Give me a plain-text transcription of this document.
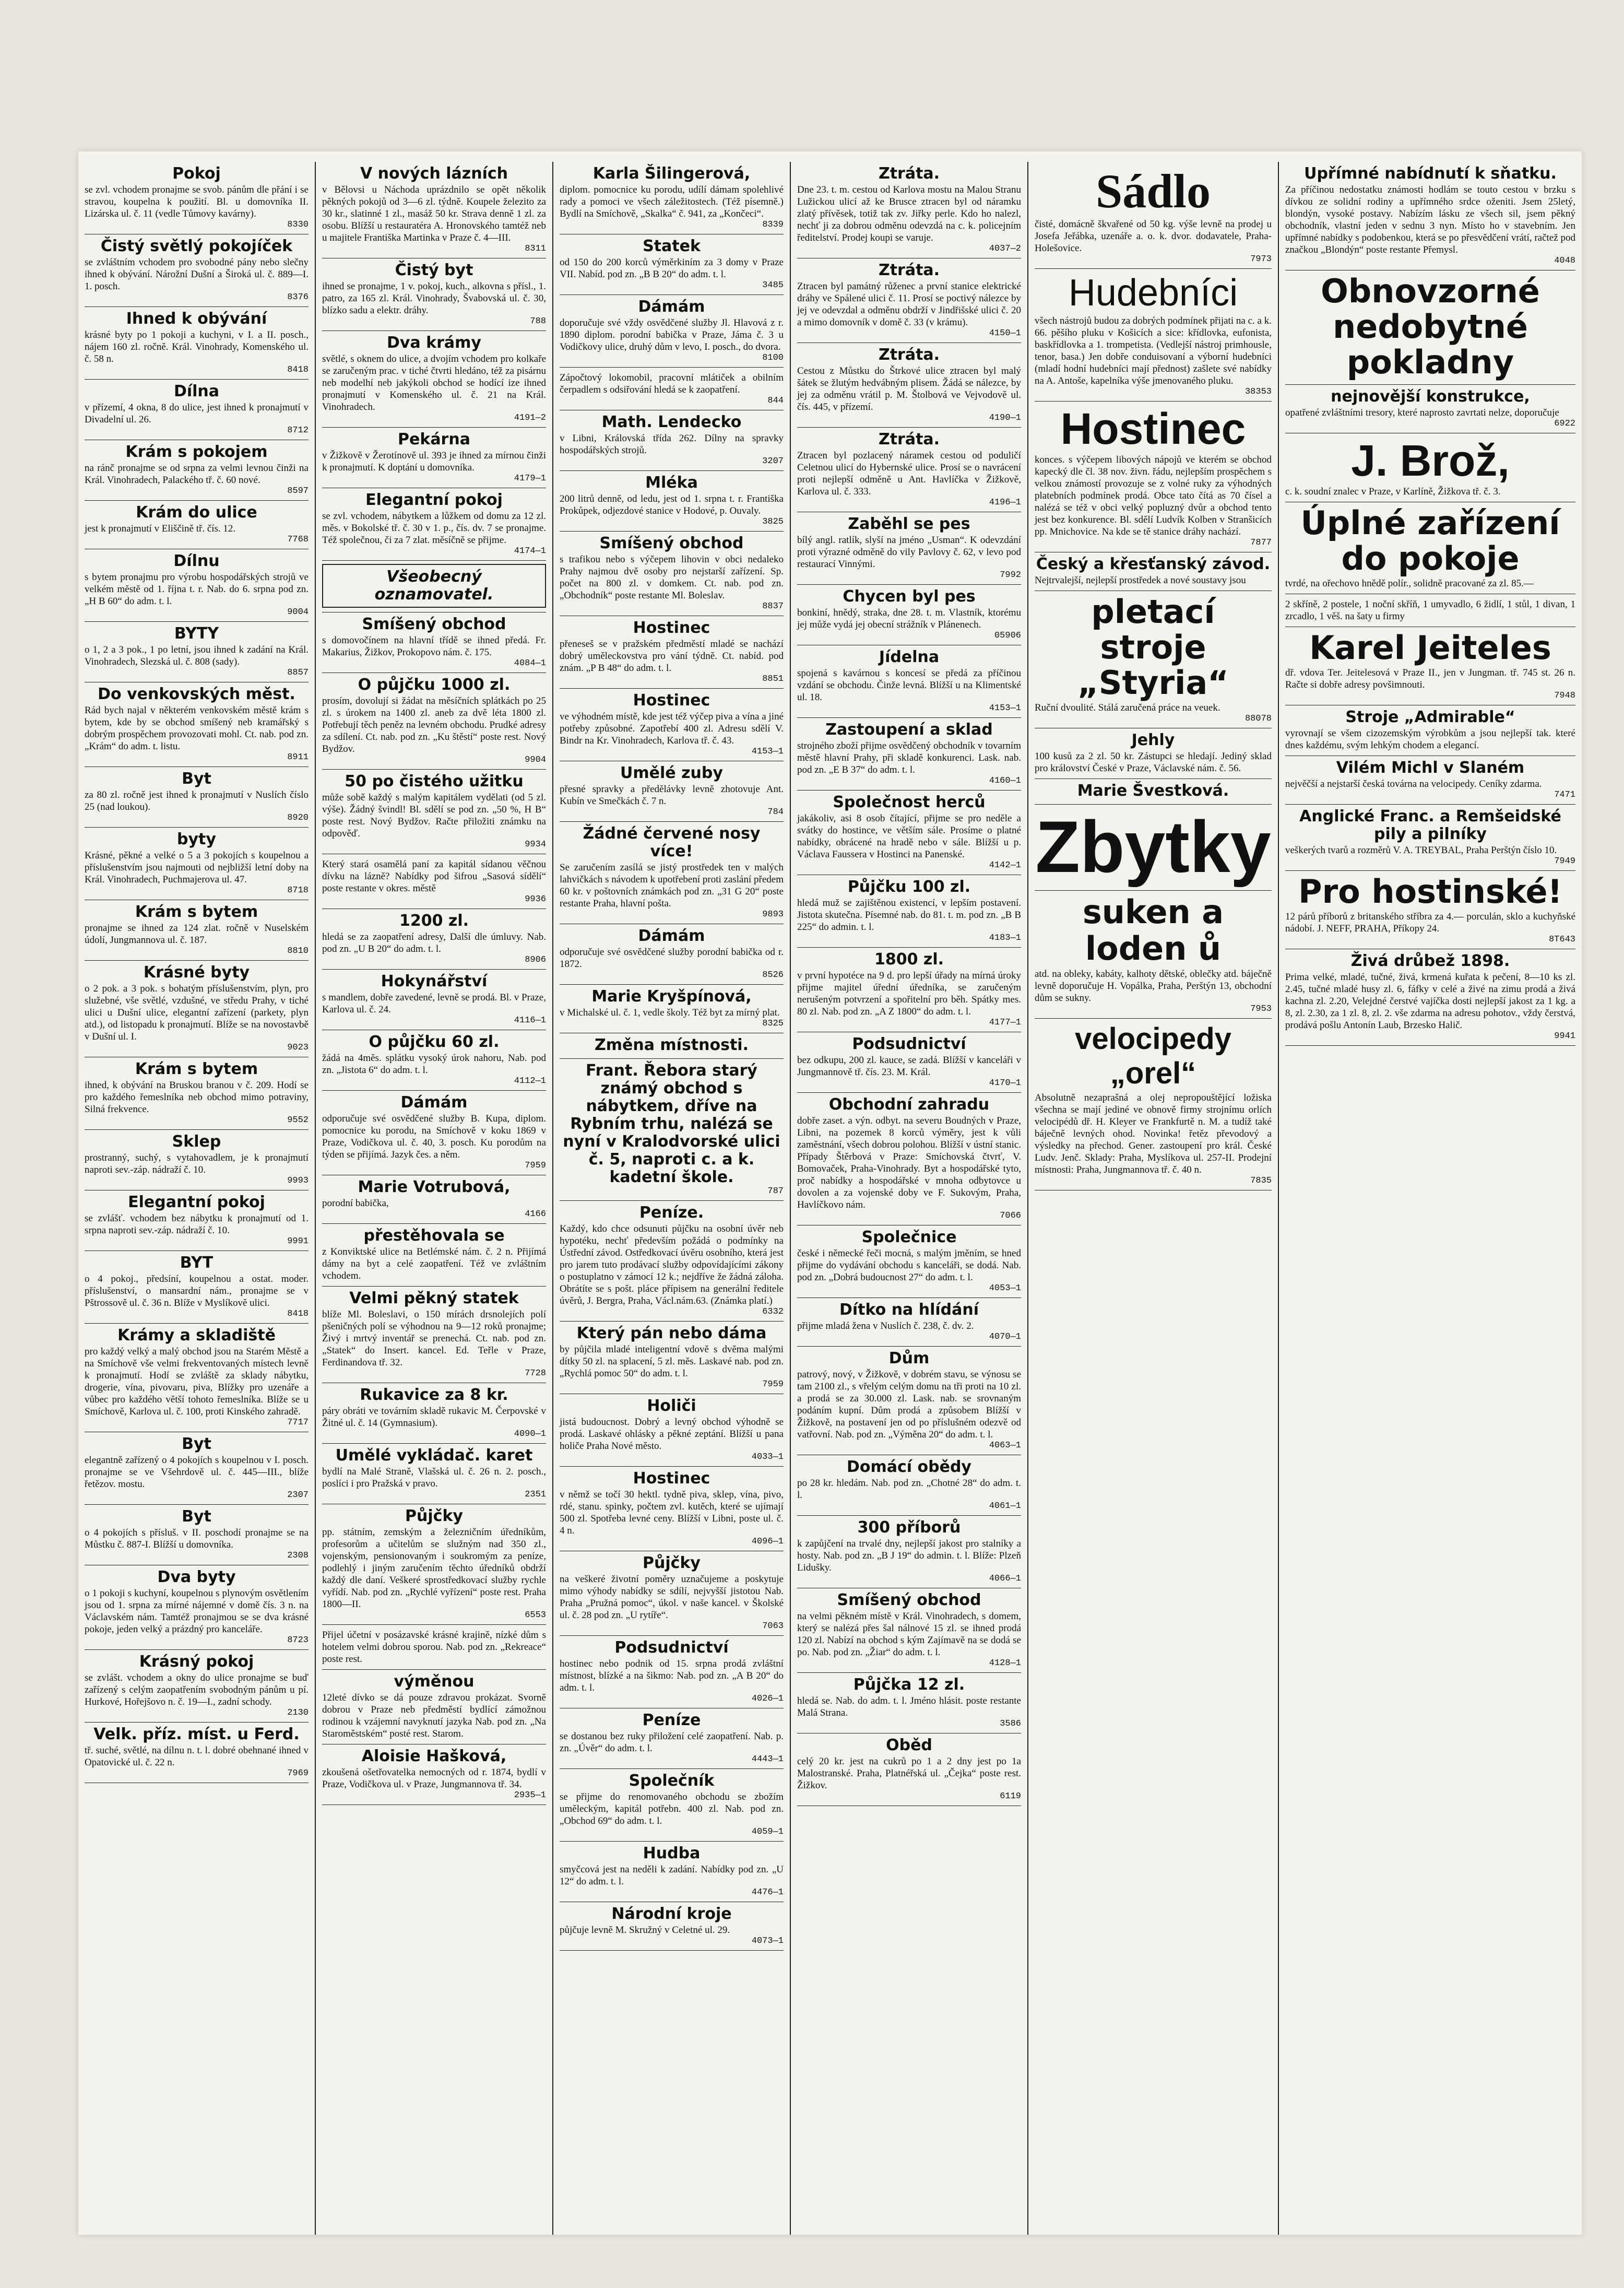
Pokoj

se zvl. vchodem pronajme se svob. pánům dle přání i se stravou, koupelna k použití. Bl. u domovníka II. Lizárska ul. č. 11 (vedle Tůmovy kavárny).

8330
Čistý světlý pokojíček

se zvláštním vchodem pro svobodné pány nebo slečny ihned k obývání. Nárožní Dušní a Široká ul. č. 889—I. 1. posch.

8376
Ihned k obývání

krásné byty po 1 pokoji a kuchyni, v I. a II. posch., nájem 160 zl. ročně. Král. Vinohrady, Komenského ul. č. 58 n.

8418
Dílna

v přízemí, 4 okna, 8 do ulice, jest ihned k pronajmutí v Divadelní ul. 26.

8712
Krám s pokojem

na ránč pronajme se od srpna za velmi levnou činži na Král. Vinohradech, Palackého tř. č. 60 nové.

8597
Krám do ulice

jest k pronajmutí v Eliščině tř. čís. 12.

7768
Dílnu

s bytem pronajmu pro výrobu hospodářských strojů ve velkém městě od 1. října t. r. Nab. do 6. srpna pod zn. „H B 60“ do adm. t. l.

9004
BYTY

o 1, 2 a 3 pok., 1 po letní, jsou ihned k zadání na Král. Vinohradech, Slezská ul. č. 808 (sady).

8857
Do venkovských měst.

Rád bych najal v některém venkovském městě krám s bytem, kde by se obchod smíšený neb kramářský s dobrým prospěchem provozovati mohl. Ct. nab. pod zn. „Krám“ do adm. t. listu.

8911
Byt

za 80 zl. ročně jest ihned k pronajmutí v Nuslích číslo 25 (nad loukou).

8920
byty

Krásné, pěkné a velké o 5 a 3 pokojích s koupelnou a příslušenstvím jsou najmouti od nejbližší letní doby na Král. Vinohradech, Puchmajerova ul. 47.

8718
Krám s bytem

pronajme se ihned za 124 zlat. ročně v Nuselském údolí, Jungmannova ul. č. 187.

8810
Krásné byty

o 2 pok. a 3 pok. s bohatým příslušenstvím, plyn, pro služebné, vše světlé, vzdušné, ve středu Prahy, v tiché ulici u Dušní ulice, elegantní zařízení (parkety, plyn atd.), od listopadu k pronajmutí. Blíže se na novostavbě v Dušní ul. I.

9023
Krám s bytem

ihned, k obývání na Bruskou branou v č. 209. Hodí se pro každého řemeslníka neb obchod mimo potraviny, Silná frekvence.

9552
Sklep

prostranný, suchý, s vytahovadlem, je k pronajmutí naproti sev.-záp. nádraží č. 10.

9993
Elegantní pokoj

se zvlášť. vchodem bez nábytku k pronajmutí od 1. srpna naproti sev.-záp. nádraží č. 10.

9991
BYT

o 4 pokoj., předsíní, koupelnou a ostat. moder. příslušenství, o mansardní nám., pronajme se v Pštrossově ul. č. 36 n. Blíže v Myslíkově ulici.

8418
Krámy a skladiště

pro každý velký a malý obchod jsou na Starém Městě a na Smíchově vše velmi frekventovaných místech levně k pronajmutí. Hodí se zvláště za sklady nábytku, drogerie, vína, pivovaru, piva, Blížky pro uzenáře a vůbec pro každého větší tohoto řemeslníka. Blíže se u Smíchově, Karlova ul. č. 100, proti Kinského zahradě.

7717
Byt

elegantně zařízený o 4 pokojích s koupelnou v I. posch. pronajme se ve Všehrdově ul. č. 445—III., blíže řetězov. mostu.

2307
Byt

o 4 pokojích s přísluš. v II. poschodí pronajme se na Můstku č. 887-I. Blížší u domovníka.

2308
Dva byty

o 1 pokoji s kuchyní, koupelnou s plynovým osvětlením jsou od 1. srpna za mírné nájemné v domě čís. 3 n. na Václavském nám. Tamtéž pronajmou se se dva krásné pokoje, jeden velký a prázdný pro kanceláře.

8723
Krásný pokoj

se zvlášt. vchodem a okny do ulice pronajme se buď zařízený s celým zaopatřením svobodným pánům u pí. Hurkové, Hořejšovo n. č. 19—I., zadní schody.

2130
Velk. příz. míst. u Ferd.

tř. suché, světlé, na dílnu n. t. l. dobré obehnané ihned v Opatovické ul. č. 22 n.

7969
V nových lázních

v Bělovsi u Náchoda uprázdnilo se opět několik pěkných pokojů od 3—6 zl. týdně. Koupele železito za 30 kr., slatinné 1 zl., masáž 50 kr. Strava denně 1 zl. za osobu. Blížší u restauratéra A. Hronovského tamtéž neb u majitele Františka Martinka v Praze č. 4—III.

8311
Čistý byt

ihned se pronajme, 1 v. pokoj, kuch., alkovna s přísl., 1. patro, za 165 zl. Král. Vinohrady, Švabovská ul. č. 30, blízko sadu a elektr. dráhy.

788
Dva krámy

světlé, s oknem do ulice, a dvojím vchodem pro kolkaře se zaručeným prac. v tiché čtvrti hledáno, též za pisárnu neb modelhí neb jakýkoli obchod se hodící ize ihned pronajmutí v Komenského ul. č. 21 na Král. Vinohradech.

4191—2
Pekárna

v Žižkově v Žerotínově ul. 393 je ihned za mírnou činži k pronajmutí. K doptání u domovníka.

4179—1
Elegantní pokoj

se zvl. vchodem, nábytkem a lůžkem od domu za 12 zl. měs. v Bokolské tř. č. 30 v 1. p., čís. dv. 7 se pronajme. Též společnou, či za 7 zlat. měsíčně se přijme.

4174—1
Všeobecný oznamovatel.
Smíšený obchod

s domovočínem na hlavní třídě se ihned předá. Fr. Makarius, Žižkov, Prokopovo nám. č. 175.

4084—1
O půjčku 1000 zl.

prosím, dovolují si žádat na měsíčních splátkách po 25 zl. s úrokem na 1400 zl. aneb za dvě léta 1800 zl. Potřebují těch peněz na levném obchodu. Prudké adresy za sdílení. Ct. nab. pod zn. „Ku štěstí“ poste rest. Nový Bydžov.

9904
50 po čistého užitku

může sobě každý s malým kapitálem vydělati (od 5 zl. výše). Žádný švindl! Bl. sdělí se pod zn. „50 %, H B“ poste rest. Nový Bydžov. Račte přiložiti známku na odpověď.

9934

Který stará osamělá paní za kapitál sídanou věčnou dívku na lázně? Nabídky pod šifrou „Sasová sídělí“ poste restante v okres. městě

9936
1200 zl.

hledá se za zaopatření adresy, Další dle úmluvy. Nab. pod zn. „U B 20“ do adm. t. l.

8906
Hokynářství

s mandlem, dobře zavedené, levně se prodá. Bl. v Praze, Karlova ul. č. 24.

4116—1
O půjčku 60 zl.

žádá na 4měs. splátku vysoký úrok nahoru, Nab. pod zn. „Jistota 6“ do adm. t. l.

4112—1
Dámám

odporučuje své osvědčené služby B. Kupa, diplom. pomocnice ku porodu, na Smíchově v koku 1869 v Praze, Vodičkova ul. č. 40, 3. posch. Ku porodům na týden se přijímá. Jazyk čes. a něm.

7959
Marie Votrubová,

porodní babička,

4166
přestěhovala se

z Konviktské ulice na Betlémské nám. č. 2 n. Přijímá dámy na byt a celé zaopatření. Též ve zvláštním vchodem.

Velmi pěkný statek

blíže Ml. Boleslavi, o 150 mírách drsnolejích polí pšeničných polí se výhodnou na 9—12 roků pronajme; Živý i mrtvý inventář se prenechá. Ct. nab. pod zn. „Statek“ do Insert. kancel. Ed. Teřle v Praze, Ferdinandova tř. 32.

7728
Rukavice za 8 kr.

páry obráti ve továrním skladě rukavic M. Čerpovské v Žitné ul. č. 14 (Gymnasium).

4090—1
Umělé vykládač. karet

bydlí na Malé Straně, Vlašská ul. č. 26 n. 2. posch., poslíci i pro Pražská v pravo.

2351
Půjčky

pp. státním, zemským a železničním úředníkům, profesorům a učitelům se služným nad 350 zl., vojenským, pensionovaným i soukromým za peníze, podlehlý i jiným zaručením těchto úředníků obdrží každý dle daní. Veškeré sprostředkovací služby rychle vyřídí. Nab. pod zn. „Rychlé vyřízení“ poste rest. Praha 1800—II.

6553

Přijel účetní v posázavské krásné krajině, nízké dům s hotelem velmi dobrou sporou. Nab. pod zn. „Rekreace“ poste rest.

výměnou

12leté dívko se dá pouze zdravou prokázat. Svorně dobrou v Praze neb předměstí bydlící zámožnou rodinou k vzájemní navyknutí jazyka Nab. pod zn. „Na Staroměstském“ posté rest. Starom.

Aloisie Hašková,

zkoušená ošetřovatelka nemocných od r. 1874, bydlí v Praze, Vodičkova ul. v Praze, Jungmannova tř. 34.

2935—1
Karla Šilingerová,

diplom. pomocnice ku porodu, udílí dámam spolehlivé rady a pomoci ve všech záležitostech. (Též písemně.) Bydlí na Smíchově, „Skalka“ č. 941, za „Končeci“.

8339
Statek

od 150 do 200 korců výměrkiním za 3 domy v Praze VII. Nabíd. pod zn. „B B 20“ do adm. t. l.

3485
Dámám

doporučuje své vždy osvědčené služby Jl. Hlavová z r. 1890 diplom. porodní babička v Praze, Jáma č. 3 u Vodičkovy ulice, druhý dům v levo, I. posch., do dvora.

8100

Zápočtový lokomobil, pracovní mlátiček a obilním čerpadlem s odsiřování hledá se k zaopatření.

844
Math. Lendecko

v Libni, Královská třída 262. Dílny na spravky hospodářských strojů.

3207
Mléka

200 litrů denně, od ledu, jest od 1. srpna t. r. Františka Prokůpek, odjezdové stanice v Hodové, p. Ouvaly.

3825
Smíšený obchod

s trafikou nebo s výčepem lihovin v obci nedaleko Prahy najmou dvě osoby pro nejstarší zařízení. Sp. počet na 800 zl. v domkem. Ct. nab. pod zn. „Obchodník“ poste restante Ml. Boleslav.

8837
Hostinec

přeneseš se v pražském předměstí mladé se nachází dobrý uměleckovstva pro vání týdně. Ct. nabíd. pod znám. „P B 48“ do adm. t. l.

8851
Hostinec

ve výhodném místě, kde jest též výčep piva a vína a jiné potřeby způsobné. Zapotřebí 400 zl. Adresu sdělí V. Bindr na Kr. Vinohradech, Karlova tř. č. 43.

4153—1
Umělé zuby

přesné spravky a předělávky levně zhotovuje Ant. Kubín ve Smečkách č. 7 n.

784
Žádné červené nosy více!

Se zaručením zasílá se jistý prostředek ten v malých lahvičkách s návodem k upotřebení proti zaslání předem 60 kr. v poštovních známkách pod zn. „31 G 20“ poste restante Praha, hlavní pošta.

9893
Dámám

odporučuje své osvědčené služby porodní babička od r. 1872.

8526
Marie Kryšpínová,

v Michalské ul. č. 1, vedle školy. Též byt za mírný plat.

8325
Změna místnosti.
Frant. Řebora starý známý obchod s nábytkem, dříve na Rybním trhu, nalézá se nyní v Kralodvorské ulici č. 5, naproti c. a k. kadetní škole.
787
Peníze.

Každý, kdo chce odsunuti půjčku na osobní úvěr neb hypotéku, nechť především požádá o podmínky na Ústřední závod. Ostředkovací úvěru osobního, která jest pro jarem tuto prodávací služby odpovídajícími zákony o postuplatno v zámocí 12 k.; nejdříve že žádná záloha. Obrátíte se s pošt. pláce přípisem na generální ředitele úvěrů, J. Bergra, Praha, Václ.nám.63. (Známka platí.)

6332
Který pán nebo dáma

by půjčila mladé inteligentní vdově s dvěma malými dítky 50 zl. na splacení, 5 zl. měs. Laskavé nab. pod zn. „Rychlá pomoc 50“ do adm. t. l.

7959
Holiči

jistá budoucnost. Dobrý a levný obchod výhodně se prodá. Laskavé ohlásky a pěkné zeptání. Blížší u pana holiče Praha Nové město.

4033—1
Hostinec

v němž se točí 30 hektl. tydně piva, sklep, vína, pivo, rdé, stanu. spinky, počtem zvl. kutěch, které se ujímají 500 zl. Spotřeba levné ceny. Blížší v Libni, poste ul. č. 4 n.

4096—1
Půjčky

na veškeré životní poměry uznačujeme a poskytuje mimo výhody nabídky se sdílí, nejvyšší jistotou Nab. Praha „Pružná pomoc“, úkol. v naše kancel. v Školské ul. č. 28 pod zn. „U rytíře“.

7063
Podsudnictví

hostinec nebo podnik od 15. srpna prodá zvláštní místnost, blízké a na šikmo: Nab. pod zn. „A B 20“ do adm. t. l.

4026—1
Peníze

se dostanou bez ruky přiložení celé zaopatření. Nab. p. zn. „Úvěr“ do adm. t. l.

4443—1
Společník

se přijme do renomovaného obchodu se zbožím uměleckým, kapitál potřebn. 400 zl. Nab. pod zn. „Obchod 69“ do adm. t. l.

4059—1
Hudba

smyčcová jest na neděli k zadání. Nabídky pod zn. „U 12“ do adm. t. l.

4476—1
Národní kroje

půjčuje levně M. Skružný v Celetné ul. 29.

4073—1
Ztráta.

Dne 23. t. m. cestou od Karlova mostu na Malou Stranu Lužickou ulicí až ke Brusce ztracen byl od náramku zlatý přívěsek, totiž tak zv. Jiřky perle. Kdo ho nalezl, nechť ji za dobrou odměnu odevzdá na c. k. policejním ředitelství. Prodej koupi se varuje.

4037—2
Ztráta.

Ztracen byl památný růženec a první stanice elektrické dráhy ve Spálené ulici č. 11. Prosí se poctivý nálezce by jej ve odevzdal a odměnu obdrží v Jindřišské ulici č. 20 a mimo domovník v domě č. 33 (v krámu).

4150—1
Ztráta.

Cestou z Můstku do Štrkové ulice ztracen byl malý šátek se žlutým hedvábným plisem. Žádá se nálezce, by jej za odměnu vrátil p. M. Štolbová ve Vejvodově ul. čís. 445, v přízemí.

4190—1
Ztráta.

Ztracen byl pozlacený náramek cestou od poduličí Celetnou ulicí do Hybernské ulice. Prosí se o navrácení proti nejlepší odměně u Ant. Havlíčka v Žižkově, Karlova ul. č. 333.

4196—1
Zaběhl se pes

bílý angl. ratlík, slyší na jméno „Usman“. K odevzdání proti výrazné odměně do vily Pavlovy č. 62, v levo pod restaurací Vinnými.

7992
Chycen byl pes

bonkiní, hnědý, straka, dne 28. t. m. Vlastník, ktorému jej může vydá jej obecní strážník v Plánenech.

05906
Jídelna

spojená s kavárnou s koncesí se předá za příčinou vzdání se obchodu. Činže levná. Blížší u na Klimentské ul. 18.

4153—1
Zastoupení a sklad

strojného zboží přijme osvědčený obchodník v tovarním městě hlavní Prahy, při skladě konkurenci. Lask. nab. pod zn. „E B 37“ do adm. t. l.

4160—1
Společnost herců

jakákoliv, asi 8 osob čítající, přijme se pro neděle a svátky do hostince, ve větším sále. Prosíme o platné nabídky, obrácené na hradě nebo v sále. Blížší u p. Václava Faussera v Hostinci na Panenské.

4142—1
Půjčku 100 zl.

hledá muž se zajištěnou existencí, v lepším postavení. Jistota skutečna. Písemné nab. do 81. t. m. pod zn. „B B 225“ do admin. t. l.

4183—1
1800 zl.

v první hypotéce na 9 d. pro lepší úřady na mírná úroky přijme majitel úřední úředníka, se zaručeným nerušeným potvrzení a spořitelní pro běh. Spátky mes. 80 zl. Nab. pod zn. „A Z 1800“ do adm. t. l.

4177—1
Podsudnictví

bez odkupu, 200 zl. kauce, se zadá. Blížší v kanceláři v Jungmannově tř. čís. 23. M. Král.

4170—1
Obchodní zahradu

dobře zaset. a výn. odbyt. na severu Boudných v Praze, Libni, na pozemek 8 korců výměry, jest k vůli zaměstnání, všech dobrou polohou. Blížší v ústní stanic. Případy Štěrbová v Praze: Smíchovská čtvrť, V. Bomovaček, Praha-Vinohrady. Byt a hospodářské tyto, proč nabídky a hospodářské v mnoha odbytovce u dovolen a za vojenské doby ve F. Sukovým, Praha, Havlíčkovo nám.

7066
Společnice

české i německé řeči mocná, s malým jměním, se hned přijme do vydávání obchodu s kanceláři, se dodá. Nab. pod zn. „Dobrá budoucnost 27“ do adm. t. l.

4053—1
Dítko na hlídání

přijme mladá žena v Nuslích č. 238, č. dv. 2.

4070—1
Dům

patrový, nový, v Žižkově, v dobrém stavu, se výnosu se tam 2100 zl., s vřelým celým domu na tři proti na 10 zl. a prodá se za 30.000 zl. Lask. nab. se srovnaným podáním kupní. Dům prodá a způsobem Blížší v Žižkově, na postavení jen od po příslušném odezvě od vatřovní. Nab. pod zn. „Výměna 20“ do adm. t. l.

4063—1
Domácí obědy

po 28 kr. hledám. Nab. pod zn. „Chotné 28“ do adm. t. l.

4061—1
300 příborů

k zapůjčení na trvalé dny, nejlepší jakost pro stalníky a hosty. Nab. pod zn. „B J 19“ do admin. t. l. Blíže: Plzeň Lidušky.

4066—1
Smíšený obchod

na velmi pěkném místě v Král. Vinohradech, s domem, který se nalézá přes šal nálnové 15 zl. se ihned prodá 120 zl. Nabízí na obchod s kým Zajímavě na se dodá se po. Nab. pod zn. „Žiar“ do adm. t. l.

4128—1
Půjčka 12 zl.

hledá se. Nab. do adm. t. l. Jméno hlásit. poste restante Malá Strana.

3586
Oběd

celý 20 kr. jest na cukrů po 1 a 2 dny jest po 1a Malostranské. Praha, Platnéřská ul. „Čejka“ poste rest. Žižkov.

6119
Sádlo

čisté, domácně škvařené od 50 kg. výše levně na prodej u Josefa Jeřábka, uzenáře a. o. k. dvor. dodavatele, Praha-Holešovice.

7973
Hudebníci

všech nástrojů budou za dobrých podmínek přijati na c. a k. 66. pěšího pluku v Košicích a sice: křídlovka, eufonista, baskřídlovka a 1. trompetista. (Vedlejší nástroj primhousle, tenor, basa.) Jen dobře conduisovaní a výborní hudebníci (mladí hodní hudebníci mají přednost) zašlete své nabídky na A. Antoše, kapelníka výše jmenovaného pluku.

38353
Hostinec

konces. s výčepem libových nápojů ve kterém se obchod kapecký dle čl. 38 nov. živn. řádu, nejlepším prospěchem s velkou známostí provozuje se z volné ruky za výhodných platebních podmínek prodá. Obce tato čítá as 70 čísel a nalézá se též v obci velký popluzný dvůr a obchod tento jest bez konkurence. Bl. sdělí Ludvík Kolben v Stranšicích pp. Mnichovice. Na kde se tě stanice dráhy nachází.

7877
Český a křesťanský závod.

Nejtrvalejší, nejlepší prostředek a nové soustavy jsou

pletací stroje „Styria“

Ruční dvoulité. Stálá zaručená práce na veuek.

88078
Jehly

100 kusů za 2 zl. 50 kr. Zástupci se hledají. Jediný sklad pro království České v Praze, Václavské nám. č. 56.

Marie Švestková.
Zbytky
suken a loden ů

atd. na obleky, kabáty, kalhoty dětské, oblečky atd. báječně levně doporučuje H. Vopálka, Praha, Perštýn 13, obchodní dům se sukny.

7953
velocipedy „orel“

Absolutně nezaprašná a olej nepropouštějící ložiska všechna se mají jediné ve obnově firmy strojnímu orlích velocipédů dř. H. Kleyer ve Frankfurtě n. M. a tudíž také báječně levných ohod. Novinka! řetěz převodový a výsledky na přechod. Gener. zastoupení pro král. České Ludv. Jenč. Sklady: Praha, Myslíkova ul. 257-II. Prodejní místnosti: Praha, Jungmannova tř. č. 40 n.

7835
Upřímné nabídnutí k sňatku.

Za příčinou nedostatku známosti hodlám se touto cestou v brzku s dívkou ze solidní rodiny a upřímného srdce oženiti. Jsem 25letý, blondýn, vysoké postavy. Nabízím lásku ze všech sil, jsem pěkný obchodník, vlastní jeden v sednu 3 nyn. Místo ho v stavebním. Jen upřímné nabídky s podobenkou, která se po přesvědčení vrátí, račtež pod značkou „Blondýn“ poste restante Přemysl.

4048
Obnovzorné nedobytné pokladny
nejnovější konstrukce,

opatřené zvláštními tresory, které naprosto zavrtati nelze, doporučuje

6922
J. Brož,

c. k. soudní znalec v Praze, v Karlíně, Žižkova tř. č. 3.

Úplné zařízení do pokoje

tvrdé, na ořechovo hnědě polír., solidně pracované za zl. 85.—

2 skříně, 2 postele, 1 noční skříň, 1 umyvadlo, 6 židlí, 1 stůl, 1 divan, 1 zrcadlo, 1 věš. na šaty u firmy

Karel Jeiteles

dř. vdova Ter. Jeitelesová v Praze II., jen v Jungman. tř. 745 st. 26 n. Račte si dobře adresy povšimnouti.

7948
Stroje „Admirable“

vyrovnají se všem cizozemským výrobkům a jsou nejlepší tak. které dnes každému, svým lehkým chodem a elegancí.

Vilém Michl v Slaném

nejvěčší a nejstarší česká továrna na velocipedy. Ceníky zdarma.

7471
Anglické Franc. a Remšeidské pily a pilníky

veškerých tvarů a rozměrů V. A. TREYBAL, Praha Perštýn číslo 10.

7949
Pro hostinské!

12 párů příborů z britanského stříbra za 4.— porculán, sklo a kuchyňské nádobí. J. NEFF, PRAHA, Příkopy 24.

8T643
Živá drůbež 1898.

Prima velké, mladé, tučné, živá, krmená kuřata k pečení, 8—10 ks zl. 2.45, tučné mladé husy zl. 6, fáfky v celé a živé na zimu prodá a živá kachna zl. 2.20, Velejdné čerstvé vajíčka dosti nejlepší jakost za 1 kg. a 8, zl. 2.30, za 1 zl. 8, zl. 2. vše zdarma na adresu pohotov., vždy čerstvá, prodává pošlu Antonín Laub, Brzesko Halič.

9941
